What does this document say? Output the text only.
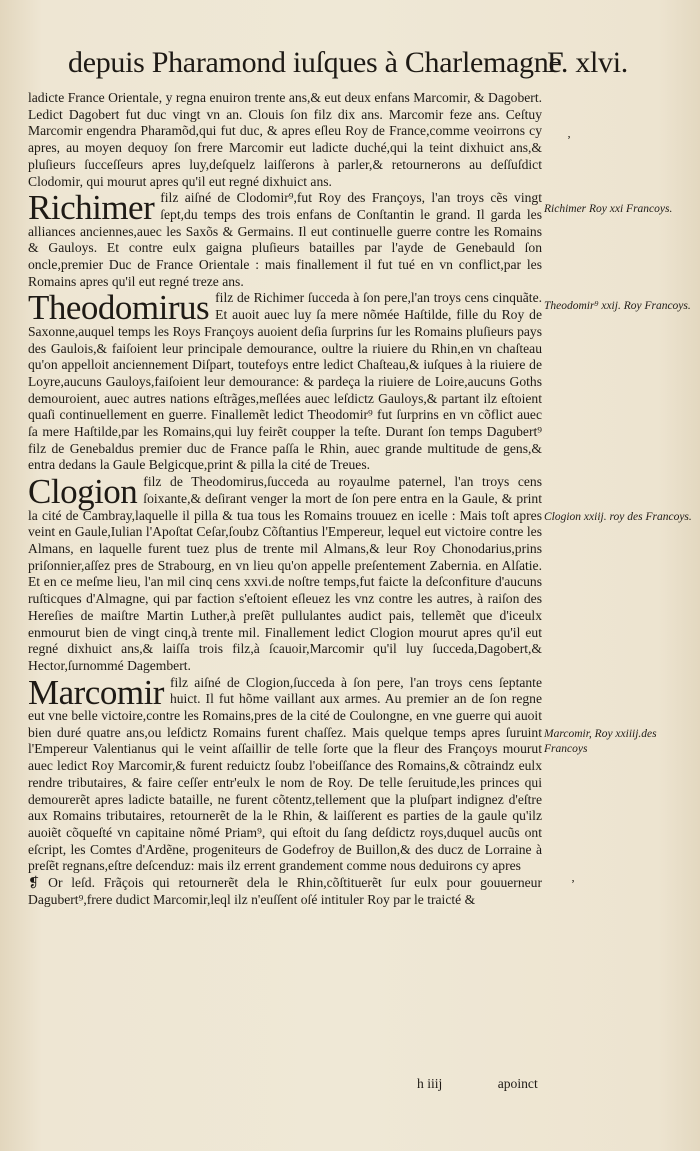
depuis Pharamond iuſques à Charlemagne
F. xlvi.

ladicte France Orientale, y regna enuiron trente ans,& eut deux enfans Marcomir, & Dagobert. Ledict Dagobert fut duc vingt vn an. Clouis ſon filz dix ans. Marcomir feze ans. Ceſtuy Marcomir engendra Pharamõd,qui fut duc, & apres eſleu Roy de France,comme veoirrons cy apres, au moyen dequoy ſon frere Marcomir eut ladicte duché,qui la teint dixhuict ans,& pluſieurs ſucceſſeurs apres luy,deſquelz laiſſerons à parler,& retournerons au deſſuſdict Clodomir, qui mourut apres qu'il eut regné dixhuict ans.

Richimer filz aiſné de Clodomir⁹,fut Roy des Françoys, l'an troys cẽs vingt ſept,du temps des trois enfans de Conſtantin le grand. Il garda les alliances anciennes,auec les Saxõs & Germains. Il eut continuelle guerre contre les Romains & Gauloys. Et contre eulx gaigna pluſieurs batailles par l'ayde de Genebauld ſon oncle,premier Duc de France Orientale : mais finallement il fut tué en vn conflict,par les Romains apres qu'il eut regné treze ans.
Theodomirus filz de Richimer ſucceda à ſon pere,l'an troys cens cinquãte. Et auoit auec luy ſa mere nõmée Haſtilde, fille du Roy de Saxonne,auquel temps les Roys Françoys auoient deſia ſurprins ſur les Romains pluſieurs pays des Gaulois,& faiſoient leur principale demourance, oultre la riuiere du Rhin,en vn chaſteau qu'on appelloit anciennement Diſpart, toutefoys entre ledict Chaſteau,& iuſques à la riuiere de Loyre,aucuns Gauloys,faiſoient leur demourance: & pardeça la riuiere de Loire,aucuns Goths demouroient, auec autres nations eſtrãges,meſlées auec leſdictz Gauloys,& partant ilz eſtoient quaſi continuellement en guerre. Finallemẽt ledict Theodomir⁹ fut ſurprins en vn cõflict auec ſa mere Haſtilde,par les Romains,qui luy feirẽt coupper la teſte. Durant ſon temps Dagubert⁹ filz de Genebaldus premier duc de France paſſa le Rhin, auec grande multitude de gens,& entra dedans la Gaule Belgicque,print & pilla la cité de Treues.
Clogion filz de Theodomirus,ſucceda au royaulme paternel, l'an troys cens ſoixante,& deſirant venger la mort de ſon pere entra en la Gaule, & print la cité de Cambray,laquelle il pilla & tua tous les Romains trouuez en icelle : Mais toſt apres veint en Gaule,Iulian l'Apoſtat Ceſar,ſoubz Cõſtantius l'Empereur, lequel eut victoire contre les Almans, en laquelle furent tuez plus de trente mil Almans,& leur Roy Chonodarius,prins priſonnier,aſſez pres de Strabourg, en vn lieu qu'on appelle preſentement Zabernia. en Alſatie. Et en ce meſme lieu, l'an mil cinq cens xxvi.de noſtre temps,fut faicte la deſconfiture d'aucuns ruſticques d'Almagne, qui par faction s'eſtoient eſleuez les vnz contre les autres, à raiſon des Hereſies de maiſtre Martin Luther,à preſẽt pullulantes audict pais, tellemẽt que d'iceulx enmourut bien de vingt cinq,à trente mil. Finallement ledict Clogion mourut apres qu'il eut regné dixhuict ans,& laiſſa trois filz,à ſcauoir,Marcomir qu'il luy ſucceda,Dagobert,& Hector,ſurnommé Dagembert.
Marcomir filz aiſné de Clogion,ſucceda à ſon pere, l'an troys cens ſeptante huict. Il fut hõme vaillant aux armes. Au premier an de ſon regne eut vne belle victoire,contre les Romains,pres de la cité de Coulongne, en vne guerre qui auoit bien duré quatre ans,ou leſdictz Romains furent chaſſez. Mais quelque temps apres ſuruint l'Empereur Valentianus qui le veint aſſaillir de telle ſorte que la fleur des Françoys mourut auec ledict Roy Marcomir,& furent reduictz ſoubz l'obeiſſance des Romains,& cõtraindz eulx rendre tributaires, & faire ceſſer entr'eulx le nom de Roy. De telle ſeruitude,les princes qui demourerẽt apres ladicte bataille, ne furent cõtentz,tellement que la pluſpart indignez d'eſtre aux Romains tributaires, retournerẽt de la le Rhin, & laiſſerent es parties de la gaule qu'ilz auoiẽt cõqueſté vn capitaine nõmé Priam⁹, qui eſtoit du ſang deſdictz roys,duquel aucũs ont eſcript, les Comtes d'Ardẽne, progeniteurs de Godefroy de Buillon,& des ducz de Lorraine à preſẽt regnans,eſtre deſcenduz: mais ilz errent grandement comme nous deduirons cy apres

❡ Or leſd. Frãçois qui retournerẽt dela le Rhin,cõſtituerẽt ſur eulx pour gouuerneur Dagubert⁹,frere dudict Marcomir,leql ilz n'euſſent oſé intituler Roy par le traicté &

h iiij	apoinct
Richimer Roy xxi Francoys.
Theodomir⁹ xxij. Roy Francoys.
Clogion xxiij. roy des Francoys.
Marcomir, Roy xxiiij.des Francoys
ʼ
ʼ
